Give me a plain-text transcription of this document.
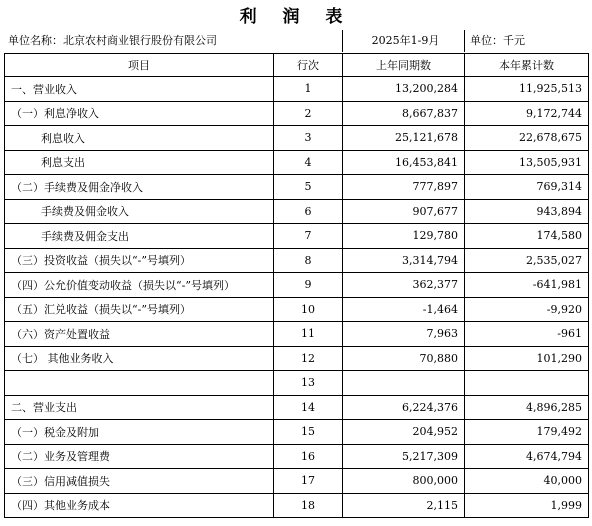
利 润 表
单位名称：北京农村商业银行股份有限公司	2025年1-9月	单位：千元
项目	行次	上年同期数	本年累计数
一、营业收入	1	13,200,284	11,925,513
（一）利息净收入	2	8,667,837	9,172,744
利息收入	3	25,121,678	22,678,675
利息支出	4	16,453,841	13,505,931
（二）手续费及佣金净收入	5	777,897	769,314
手续费及佣金收入	6	907,677	943,894
手续费及佣金支出	7	129,780	174,580
（三）投资收益（损失以“-”号填列）	8	3,314,794	2,535,027
（四）公允价值变动收益（损失以“-”号填列）	9	362,377	-641,981
（五）汇兑收益（损失以“-”号填列）	10	-1,464	-9,920
（六）资产处置收益	11	7,963	-961
（七） 其他业务收入	12	70,880	101,290
	13		
二、营业支出	14	6,224,376	4,896,285
（一）税金及附加	15	204,952	179,492
（二）业务及管理费	16	5,217,309	4,674,794
（三）信用减值损失	17	800,000	40,000
（四）其他业务成本	18	2,115	1,999
